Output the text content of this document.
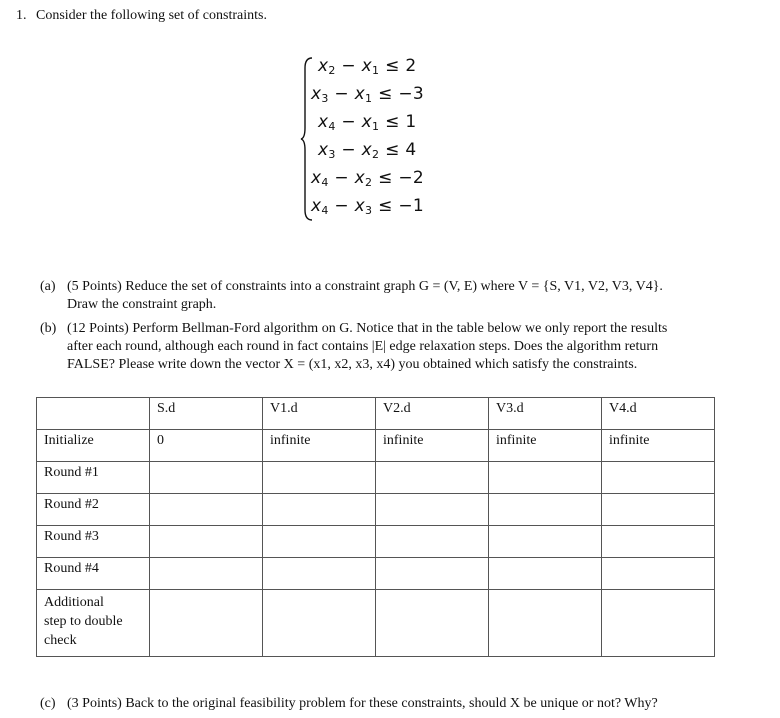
1. Consider the following set of constraints.
$x_2 - x_1 \le 2$
$x_3 - x_1 \le -3$
$x_4 - x_1 \le 1$
$x_3 - x_2 \le 4$
$x_4 - x_2 \le -2$
$x_4 - x_3 \le -1$
(a) (5 Points) Reduce the set of constraints into a constraint graph G = (V, E) where V = {S, V1, V2, V3, V4}.
Draw the constraint graph.
(b) (12 Points) Perform Bellman-Ford algorithm on G. Notice that in the table below we only report the results
after each round, although each round in fact contains |E| edge relaxation steps. Does the algorithm return
FALSE? Please write down the vector X = (x1, x2, x3, x4) you obtained which satisfy the constraints.
	S.d	V1.d	V2.d	V3.d	V4.d
Initialize	0	infinite	infinite	infinite	infinite
Round #1					
Round #2					
Round #3					
Round #4					

Additional
step to double
check					

(c) (3 Points) Back to the original feasibility problem for these constraints, should X be unique or not? Why?
